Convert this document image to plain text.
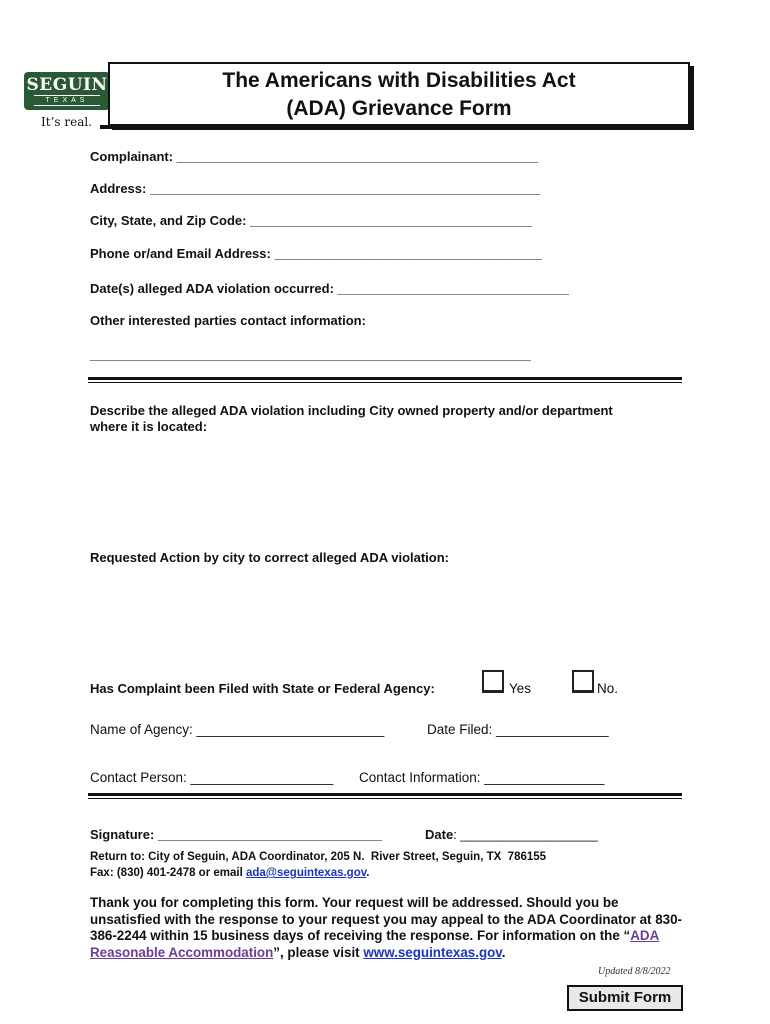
SEGUIN
TEXAS
It’s real.
The Americans with Disabilities Act
(ADA) Grievance Form
Complainant: __________________________________________________
Address: ______________________________________________________
City, State, and Zip Code: _______________________________________
Phone or/and Email Address: _____________________________________
Date(s) alleged ADA violation occurred: ________________________________
Other interested parties contact information:
_____________________________________________________________
Describe the alleged ADA violation including City owned property and/or department
where it is located:
Requested Action by city to correct alleged ADA violation:
Has Complaint been Filed with State or Federal Agency:	Yes	No.
Name of Agency: _________________________	Date Filed: _______________
Contact Person: ___________________ Contact Information: ________________
Signature: _______________________________	Date: ___________________
Return to: City of Seguin, ADA Coordinator, 205 N.  River Street, Seguin, TX  786155
Fax: (830) 401-2478 or email ada@seguintexas.gov.
Thank you for completing this form. Your request will be addressed. Should you be unsatisfied with the response to your request you may appeal to the ADA Coordinator at 830-386-2244 within 15 business days of receiving the response. For information on the “ADA Reasonable Accommodation”, please visit www.seguintexas.gov.
Updated 8/8/2022
Submit Form
